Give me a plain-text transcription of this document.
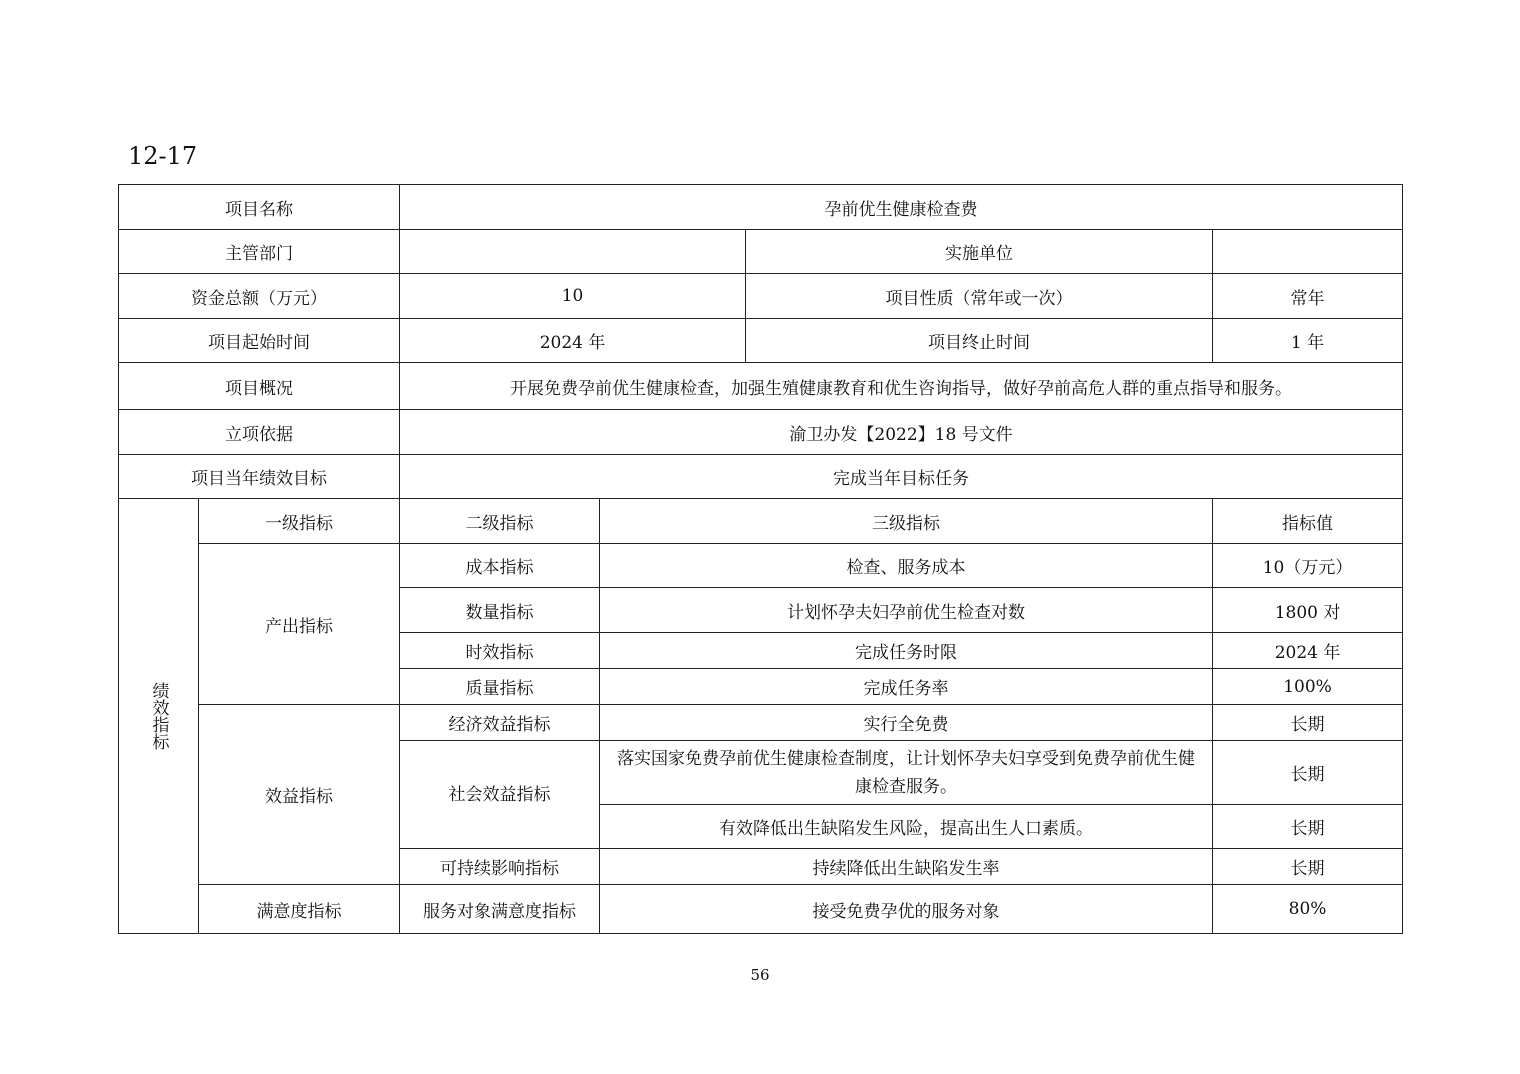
12-17
项目名称		孕前优生健康检查费			
主管部门				实施单位	
资金总额（万元）		10		项目性质（常年或一次）	常年
项目起始时间		2024 年		项目终止时间	1 年
项目概况		开展免费孕前优生健康检查，加强生殖健康教育和优生咨询指导，做好孕前高危人群的重点指导和服务。			
立项依据		渝卫办发【2022】18 号文件			
项目当年绩效目标		完成当年目标任务			

绩效指标	一级指标	二级指标	三级指标		指标值
	产出指标	成本指标	检查、服务成本		10（万元）
		数量指标	计划怀孕夫妇孕前优生检查对数		1800 对
		时效指标	完成任务时限		2024 年
		质量指标	完成任务率		100%
	效益指标	经济效益指标	实行全免费		长期

		社会效益指标	落实国家免费孕前优生健康检查制度，让计划怀孕夫妇享受到免费孕前优生健康检查服务。		长期
			有效降低出生缺陷发生风险，提高出生人口素质。		长期
		可持续影响指标	持续降低出生缺陷发生率		长期
	满意度指标	服务对象满意度指标	接受免费孕优的服务对象		80%
56
